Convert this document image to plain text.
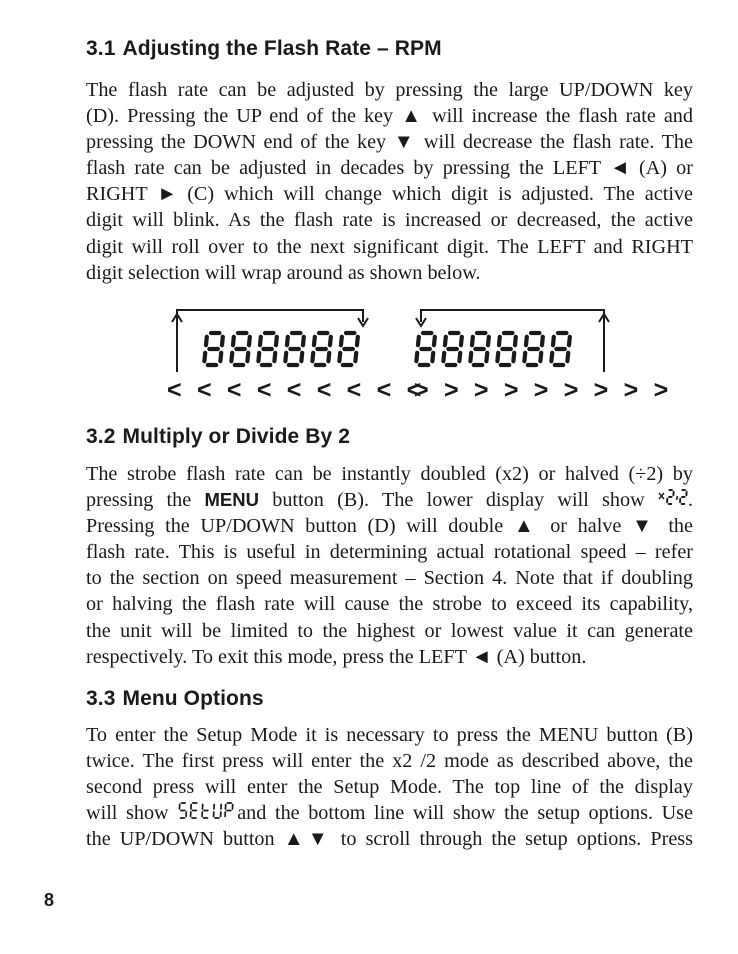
3.1 Adjusting the Flash Rate – RPM
The flash rate can be adjusted by pressing the large UP/DOWN key
(D). Pressing the UP end of the key ▲ will increase the flash rate and
pressing the DOWN end of the key ▼ will decrease the flash rate. The
flash rate can be adjusted in decades by pressing the LEFT ◄ (A) or
RIGHT ► (C) which will change which digit is adjusted. The active
digit will blink. As the flash rate is increased or decreased, the active
digit will roll over to the next significant digit. The LEFT and RIGHT
digit selection will wrap around as shown below.
< < < < < < < < <
> > > > > > > > >
3.2 Multiply or Divide By 2
The strobe flash rate can be instantly doubled (x2) or halved (÷2) by
pressing the MENU button (B). The lower display will show .
Pressing the UP/DOWN button (D) will double ▲ or halve ▼ the
flash rate. This is useful in determining actual rotational speed – refer
to the section on speed measurement – Section 4. Note that if doubling
or halving the flash rate will cause the strobe to exceed its capability,
the unit will be limited to the highest or lowest value it can generate
respectively. To exit this mode, press the LEFT ◄ (A) button.
3.3 Menu Options
To enter the Setup Mode it is necessary to press the MENU button (B)
twice. The first press will enter the x2 /2 mode as described above, the
second press will enter the Setup Mode. The top line of the display
will show	and the bottom line will show the setup options. Use
the UP/DOWN button ▲▼ to scroll through the setup options. Press
8
